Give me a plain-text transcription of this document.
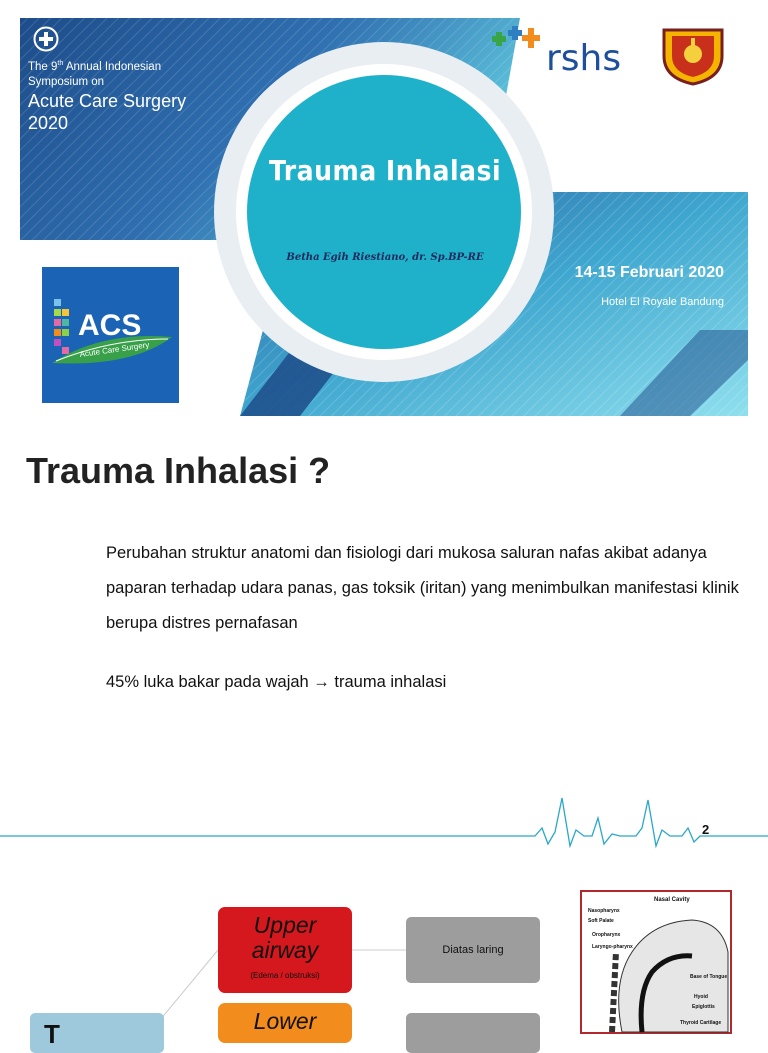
The 9th Annual Indonesian Symposium on
Acute Care Surgery 2020
Trauma Inhalasi
Betha Egih Riestiano, dr. Sp.BP-RE
14-15 Februari 2020
Hotel El Royale Bandung
ACS
Acute Care Surgery
rshs
Trauma Inhalasi ?
Perubahan struktur anatomi dan fisiologi dari mukosa saluran nafas akibat adanya paparan terhadap udara panas, gas toksik (iritan) yang menimbulkan manifestasi klinik berupa distres pernafasan
45% luka bakar pada wajah → trauma inhalasi
2
T
Upper airway
(Edema / obstruksi)
Lower
Diatas laring
Nasal Cavity
Nasopharynx
Soft Palate
Oropharynx
Laryngo-pharynx
Base of Tongue
Hyoid
Epiglottis
Thyroid Cartilage
